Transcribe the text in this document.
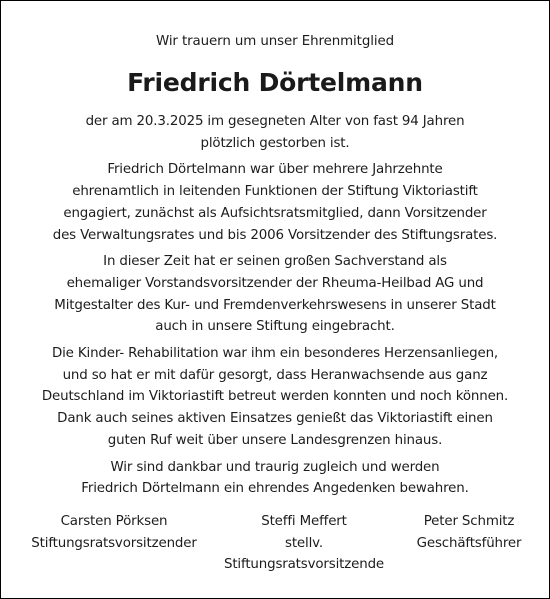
Wir trauern um unser Ehrenmitglied

Friedrich Dörtelmann

der am 20.3.2025 im gesegneten Alter von fast 94 Jahren
plötzlich gestorben ist.

Friedrich Dörtelmann war über mehrere Jahrzehnte
ehrenamtlich in leitenden Funktionen der Stiftung Viktoriastift
engagiert, zunächst als Aufsichtsratsmitglied, dann Vorsitzender
des Verwaltungsrates und bis 2006 Vorsitzender des Stiftungsrates.

In dieser Zeit hat er seinen großen Sachverstand als
ehemaliger Vorstandsvorsitzender der Rheuma-Heilbad AG und
Mitgestalter des Kur- und Fremdenverkehrswesens in unserer Stadt
auch in unsere Stiftung eingebracht.

Die Kinder- Rehabilitation war ihm ein besonderes Herzensanliegen,
und so hat er mit dafür gesorgt, dass Heranwachsende aus ganz
Deutschland im Viktoriastift betreut werden konnten und noch können.
Dank auch seines aktiven Einsatzes genießt das Viktoriastift einen
guten Ruf weit über unsere Landesgrenzen hinaus.

Wir sind dankbar und traurig zugleich und werden
Friedrich Dörtelmann ein ehrendes Angedenken bewahren.

Carsten Pörksen
Stiftungsratsvorsitzender
Steffi Meffert
stellv.
Stiftungsratsvorsitzende
Peter Schmitz
Geschäftsführer
